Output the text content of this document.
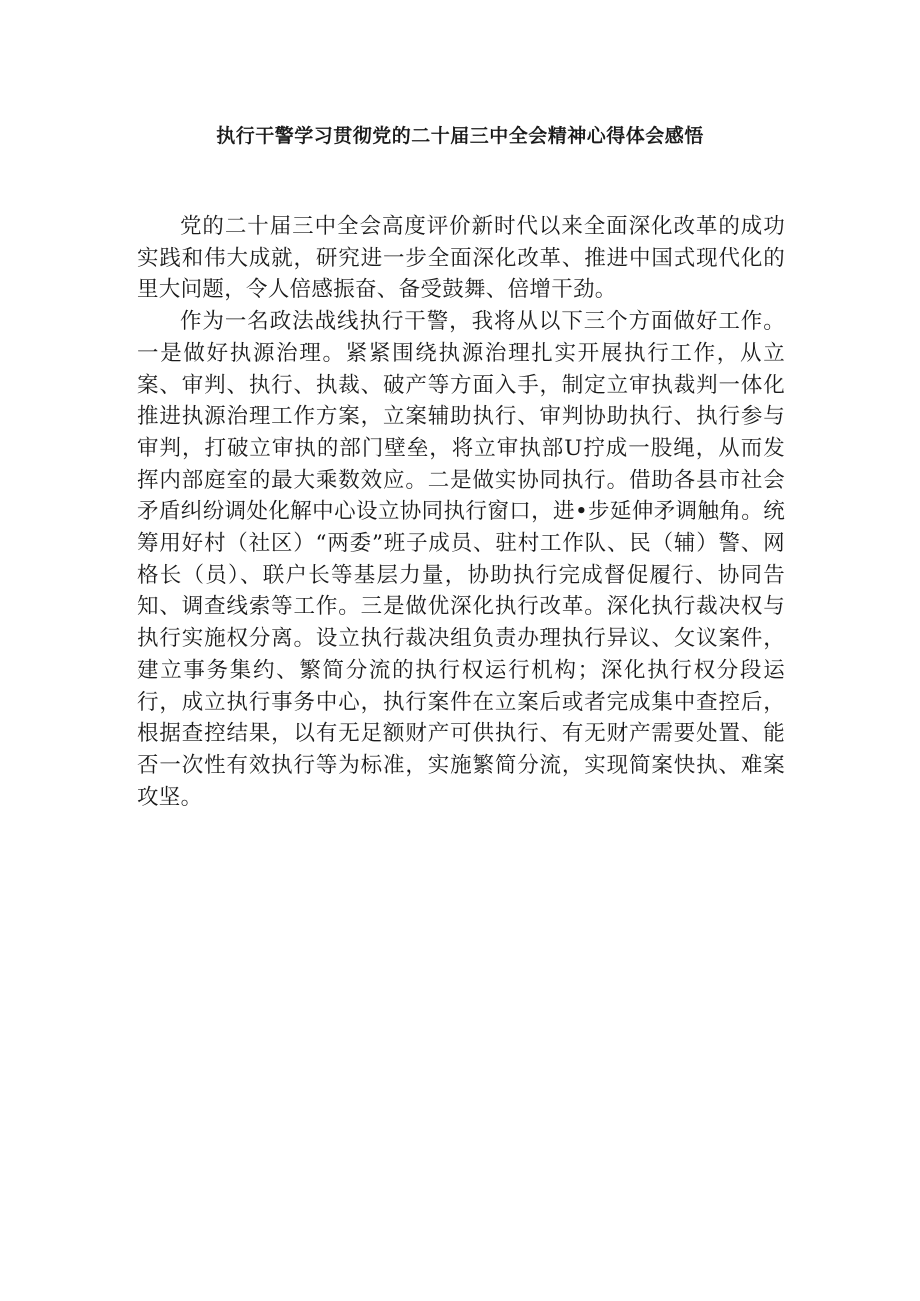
执行干警学习贯彻党的二十届三中全会精神心得体会感悟

党的二十届三中全会高度评价新时代以来全面深化改革的成功实践和伟大成就，研究进一步全面深化改革、推进中国式现代化的里大问题，令人倍感振奋、备受鼓舞、倍增干劲。

作为一名政法战线执行干警，我将从以下三个方面做好工作。一是做好执源治理。紧紧围绕执源治理扎实开展执行工作，从立案、审判、执行、执裁、破产等方面入手，制定立审执裁判一体化推进执源治理工作方案，立案辅助执行、审判协助执行、执行参与审判，打破立审执的部门壁垒，将立审执部U拧成一股绳，从而发挥内部庭室的最大乘数效应。二是做实协同执行。借助各县市社会矛盾纠纷调处化解中心设立协同执行窗口，进•步延伸矛调触角。统筹用好村（社区）“两委”班子成员、驻村工作队、民（辅）警、网格长（员）、联户长等基层力量，协助执行完成督促履行、协同告知、调查线索等工作。三是做优深化执行改革。深化执行裁决权与执行实施权分离。设立执行裁决组负责办理执行异议、攵议案件，建立事务集约、繁简分流的执行权运行机构；深化执行权分段运行，成立执行事务中心，执行案件在立案后或者完成集中查控后，根据查控结果，以有无足额财产可供执行、有无财产需要处置、能否一次性有效执行等为标准，实施繁简分流，实现简案快执、难案攻坚。
